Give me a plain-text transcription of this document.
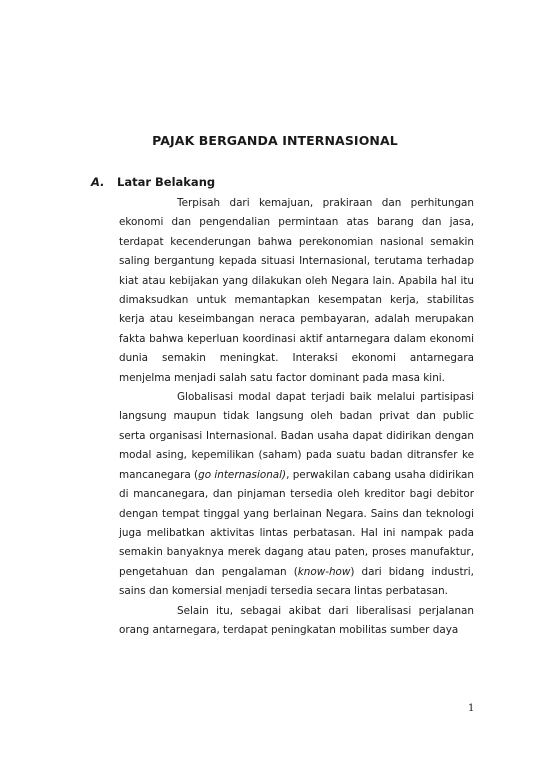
PAJAK BERGANDA INTERNASIONAL
A. Latar Belakang

Terpisah dari kemajuan, prakiraan dan perhitungan ekonomi dan pengendalian permintaan atas barang dan jasa, terdapat kecenderungan bahwa perekonomian nasional semakin saling bergantung kepada situasi Internasional, terutama terhadap kiat atau kebijakan yang dilakukan oleh Negara lain. Apabila hal itu dimaksudkan untuk memantapkan kesempatan kerja, stabilitas kerja atau keseimbangan neraca pembayaran, adalah merupakan fakta bahwa keperluan koordinasi aktif antarnegara dalam ekonomi dunia semakin meningkat. Interaksi ekonomi antarnegara menjelma menjadi salah satu factor dominant pada masa kini.

Globalisasi modal dapat terjadi baik melalui partisipasi langsung maupun tidak langsung oleh badan privat dan public serta organisasi Internasional. Badan usaha dapat didirikan dengan modal asing, kepemilikan (saham) pada suatu badan ditransfer ke mancanegara (go internasional), perwakilan cabang usaha didirikan di mancanegara, dan pinjaman tersedia oleh kreditor bagi debitor dengan tempat tinggal yang berlainan Negara. Sains dan teknologi juga melibatkan aktivitas lintas perbatasan. Hal ini nampak pada semakin banyaknya merek dagang atau paten, proses manufaktur, pengetahuan dan pengalaman (know-how) dari bidang industri, sains dan komersial menjadi tersedia secara lintas perbatasan.

Selain itu, sebagai akibat dari liberalisasi perjalanan orang antarnegara, terdapat peningkatan mobilitas sumber daya

1
